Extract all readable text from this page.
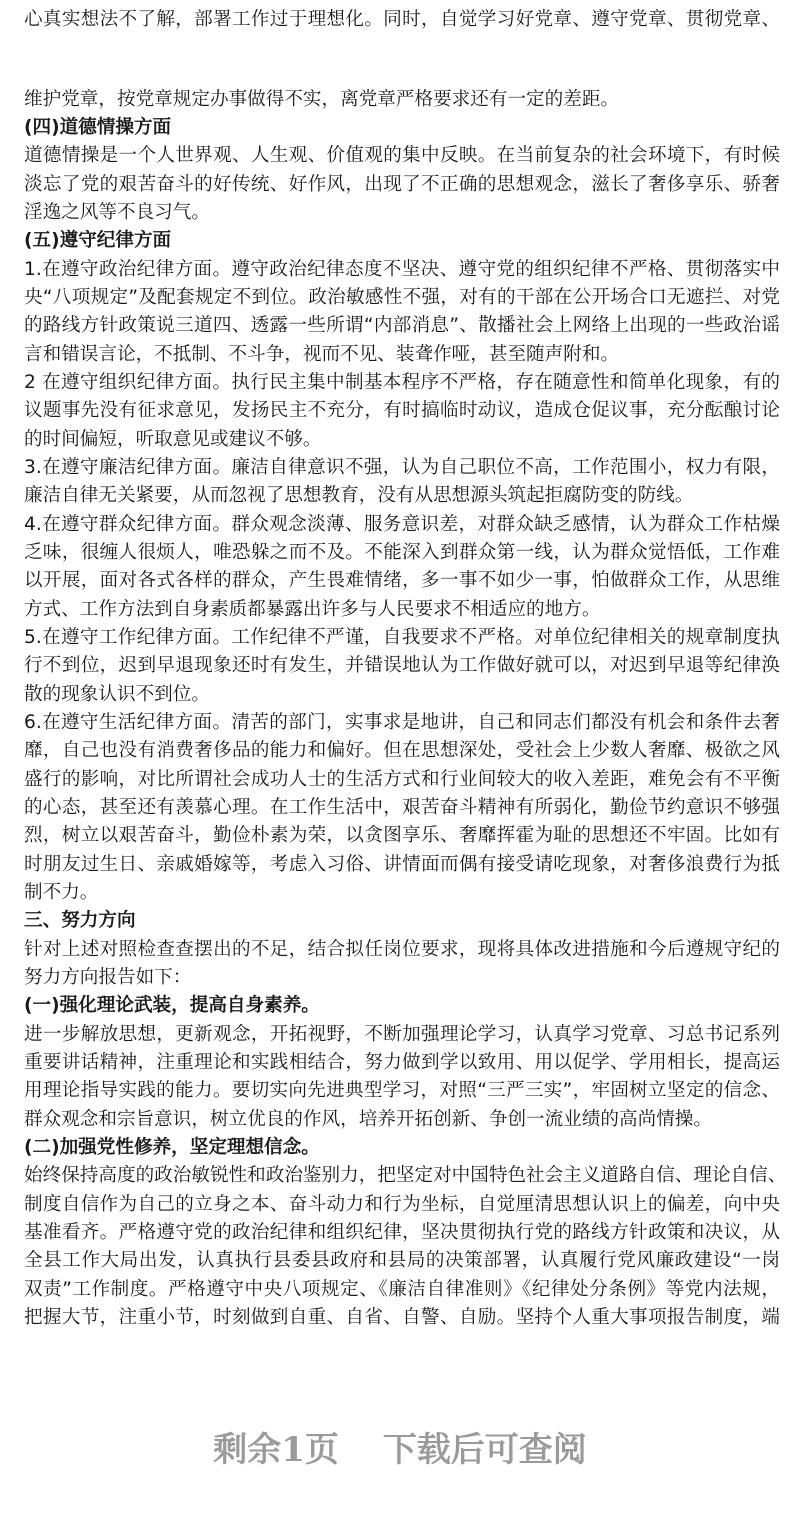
心真实想法不了解，部署工作过于理想化。同时，自觉学习好党章、遵守党章、贯彻党章、
维护党章，按党章规定办事做得不实，离党章严格要求还有一定的差距。
(四)道德情操方面
道德情操是一个人世界观、人生观、价值观的集中反映。在当前复杂的社会环境下，有时候
淡忘了党的艰苦奋斗的好传统、好作风，出现了不正确的思想观念，滋长了奢侈享乐、骄奢
淫逸之风等不良习气。
(五)遵守纪律方面
1.在遵守政治纪律方面。遵守政治纪律态度不坚决、遵守党的组织纪律不严格、贯彻落实中
央“八项规定”及配套规定不到位。政治敏感性不强，对有的干部在公开场合口无遮拦、对党
的路线方针政策说三道四、透露一些所谓“内部消息”、散播社会上网络上出现的一些政治谣
言和错误言论，不抵制、不斗争，视而不见、装聋作哑，甚至随声附和。
2 在遵守组织纪律方面。执行民主集中制基本程序不严格，存在随意性和简单化现象，有的
议题事先没有征求意见，发扬民主不充分，有时搞临时动议，造成仓促议事，充分酝酿讨论
的时间偏短，听取意见或建议不够。
3.在遵守廉洁纪律方面。廉洁自律意识不强，认为自己职位不高，工作范围小，权力有限，
廉洁自律无关紧要，从而忽视了思想教育，没有从思想源头筑起拒腐防变的防线。
4.在遵守群众纪律方面。群众观念淡薄、服务意识差，对群众缺乏感情，认为群众工作枯燥
乏味，很缠人很烦人，唯恐躲之而不及。不能深入到群众第一线，认为群众觉悟低，工作难
以开展，面对各式各样的群众，产生畏难情绪，多一事不如少一事，怕做群众工作，从思维
方式、工作方法到自身素质都暴露出许多与人民要求不相适应的地方。
5.在遵守工作纪律方面。工作纪律不严谨，自我要求不严格。对单位纪律相关的规章制度执
行不到位，迟到早退现象还时有发生，并错误地认为工作做好就可以，对迟到早退等纪律涣
散的现象认识不到位。
6.在遵守生活纪律方面。清苦的部门，实事求是地讲，自己和同志们都没有机会和条件去奢
靡，自己也没有消费奢侈品的能力和偏好。但在思想深处，受社会上少数人奢靡、极欲之风
盛行的影响，对比所谓社会成功人士的生活方式和行业间较大的收入差距，难免会有不平衡
的心态，甚至还有羡慕心理。在工作生活中，艰苦奋斗精神有所弱化，勤俭节约意识不够强
烈，树立以艰苦奋斗，勤俭朴素为荣，以贪图享乐、奢靡挥霍为耻的思想还不牢固。比如有
时朋友过生日、亲戚婚嫁等，考虑入习俗、讲情面而偶有接受请吃现象，对奢侈浪费行为抵
制不力。
三、努力方向
针对上述对照检查查摆出的不足，结合拟任岗位要求，现将具体改进措施和今后遵规守纪的
努力方向报告如下：
(一)强化理论武装，提高自身素养。
进一步解放思想，更新观念，开拓视野，不断加强理论学习，认真学习党章、习总书记系列
重要讲话精神，注重理论和实践相结合，努力做到学以致用、用以促学、学用相长，提高运
用理论指导实践的能力。要切实向先进典型学习，对照“三严三实”，牢固树立坚定的信念、
群众观念和宗旨意识，树立优良的作风，培养开拓创新、争创一流业绩的高尚情操。
(二)加强党性修养，坚定理想信念。
始终保持高度的政治敏锐性和政治鉴别力，把坚定对中国特色社会主义道路自信、理论自信、
制度自信作为自己的立身之本、奋斗动力和行为坐标，自觉厘清思想认识上的偏差，向中央
基准看齐。严格遵守党的政治纪律和组织纪律，坚决贯彻执行党的路线方针政策和决议，从
全县工作大局出发，认真执行县委县政府和县局的决策部署，认真履行党风廉政建设“一岗
双责”工作制度。严格遵守中央八项规定、《廉洁自律准则》《纪律处分条例》等党内法规，
把握大节，注重小节，时刻做到自重、自省、自警、自励。坚持个人重大事项报告制度，端
剩余1页 下载后可查阅
